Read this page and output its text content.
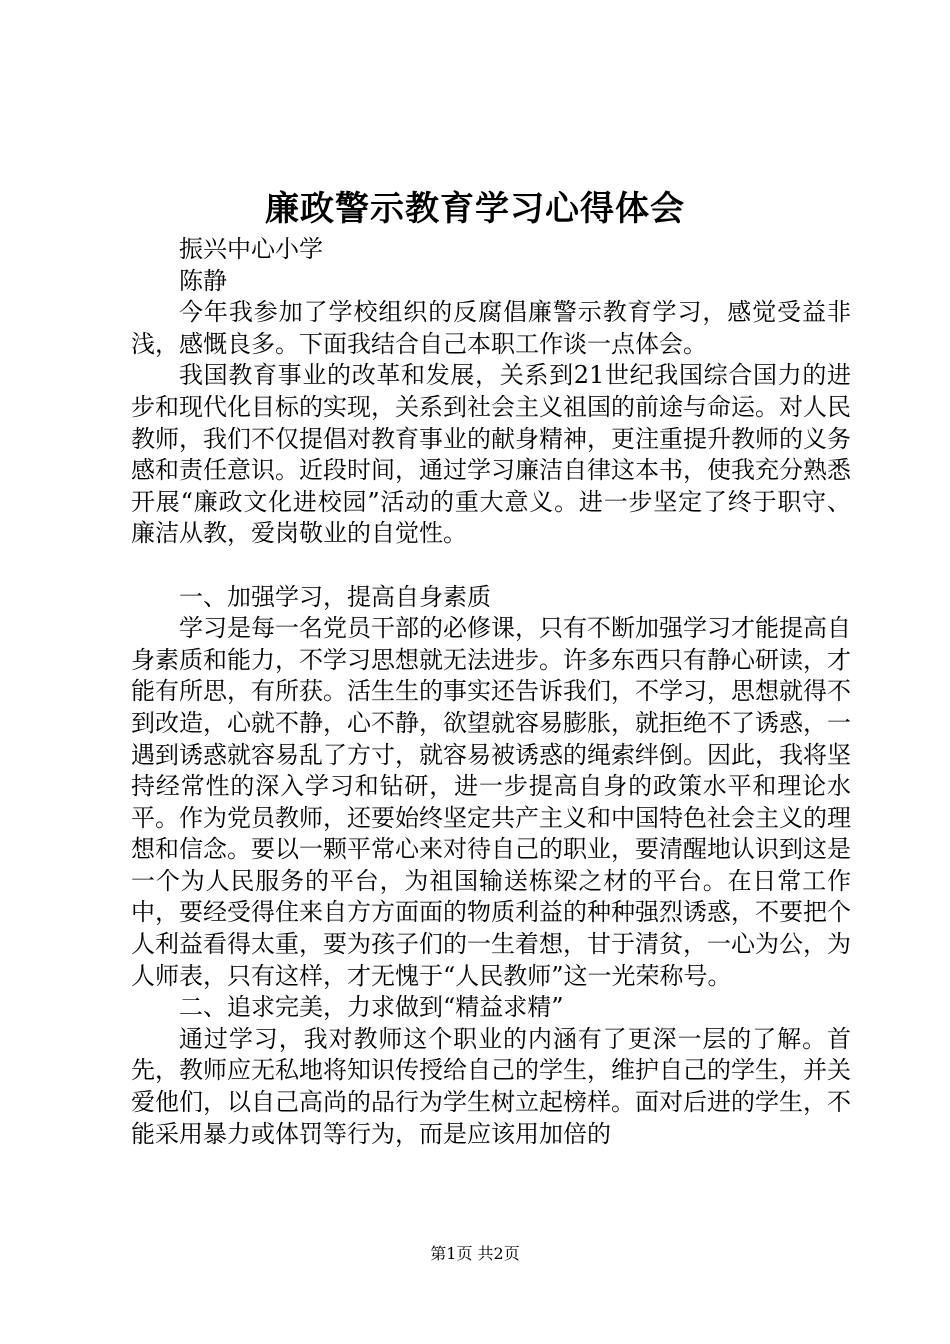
廉政警示教育学习心得体会

振兴中心小学

陈静

今年我参加了学校组织的反腐倡廉警示教育学习，感觉受益非浅，感慨良多。下面我结合自己本职工作谈一点体会。

我国教育事业的改革和发展，关系到21世纪我国综合国力的进步和现代化目标的实现，关系到社会主义祖国的前途与命运。对人民教师，我们不仅提倡对教育事业的献身精神，更注重提升教师的义务感和责任意识。近段时间，通过学习廉洁自律这本书，使我充分熟悉开展“廉政文化进校园”活动的重大意义。进一步坚定了终于职守、廉洁从教，爱岗敬业的自觉性。

一、加强学习，提高自身素质

学习是每一名党员干部的必修课，只有不断加强学习才能提高自身素质和能力，不学习思想就无法进步。许多东西只有静心研读，才能有所思，有所获。活生生的事实还告诉我们，不学习，思想就得不到改造，心就不静，心不静，欲望就容易膨胀，就拒绝不了诱惑，一遇到诱惑就容易乱了方寸，就容易被诱惑的绳索绊倒。因此，我将坚持经常性的深入学习和钻研，进一步提高自身的政策水平和理论水平。作为党员教师，还要始终坚定共产主义和中国特色社会主义的理想和信念。要以一颗平常心来对待自己的职业，要清醒地认识到这是一个为人民服务的平台，为祖国输送栋梁之材的平台。在日常工作中，要经受得住来自方方面面的物质利益的种种强烈诱惑，不要把个人利益看得太重，要为孩子们的一生着想，甘于清贫，一心为公，为人师表，只有这样，才无愧于“人民教师”这一光荣称号。

二、追求完美，力求做到“精益求精”

通过学习，我对教师这个职业的内涵有了更深一层的了解。首先，教师应无私地将知识传授给自己的学生，维护自己的学生，并关爱他们，以自己高尚的品行为学生树立起榜样。面对后进的学生，不能采用暴力或体罚等行为，而是应该用加倍的

第1页 共2页
